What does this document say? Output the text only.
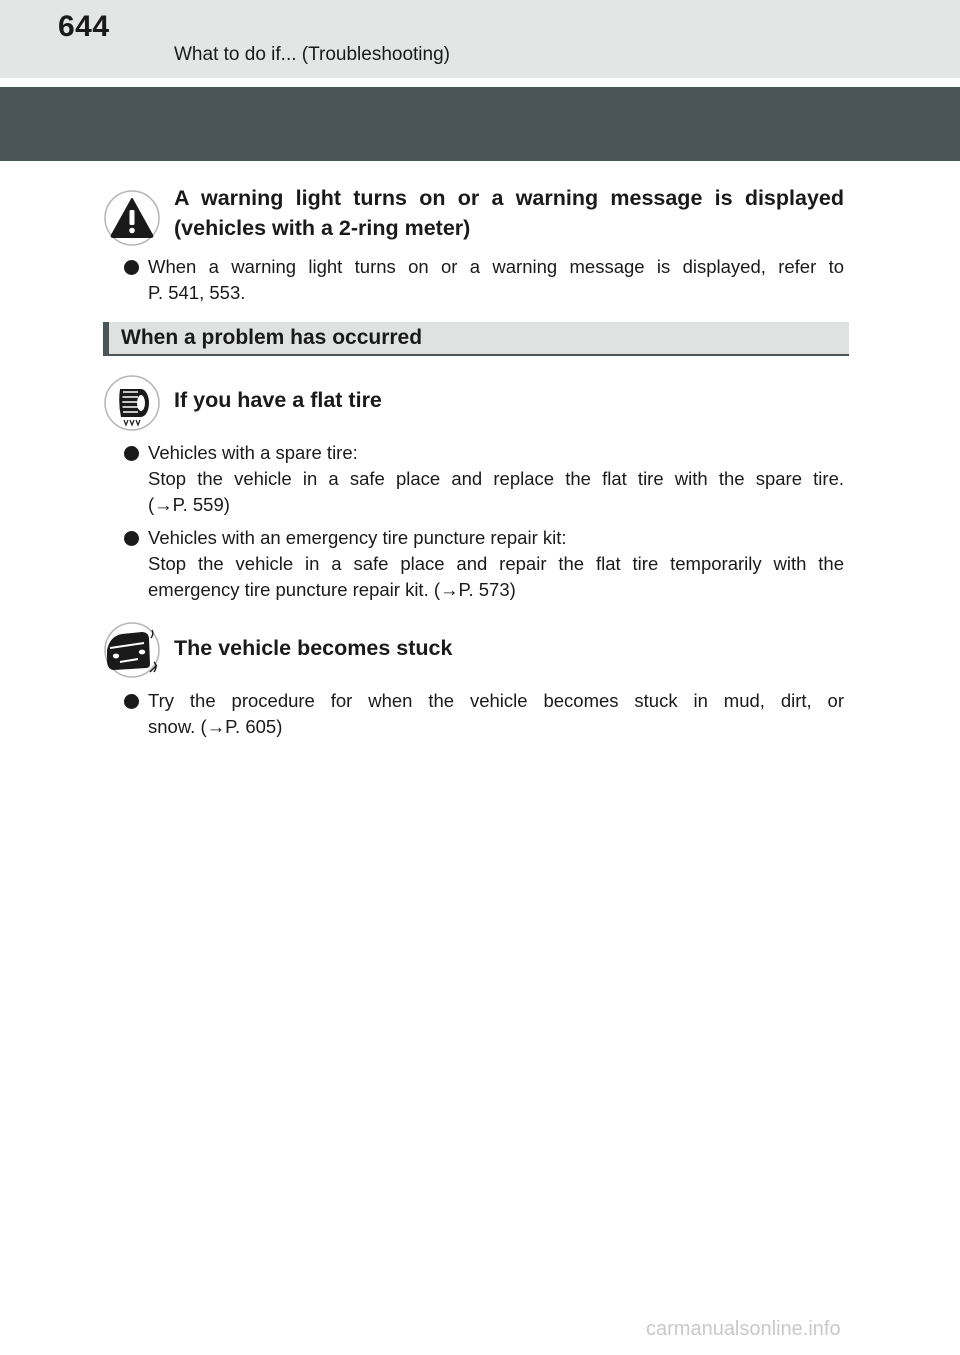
644
What to do if... (Troubleshooting)
A warning light turns on or a warning message is displayed
(vehicles with a 2-ring meter)
When a warning light turns on or a warning message is displayed, refer to
P. 541, 553.
When a problem has occurred
If you have a flat tire
Vehicles with a spare tire:
Stop the vehicle in a safe place and replace the flat tire with the spare tire.
(→P. 559)
Vehicles with an emergency tire puncture repair kit:
Stop the vehicle in a safe place and repair the flat tire temporarily with the
emergency tire puncture repair kit. (→P. 573)
The vehicle becomes stuck
Try the procedure for when the vehicle becomes stuck in mud, dirt, or
snow. (→P. 605)
carmanualsonline.info
